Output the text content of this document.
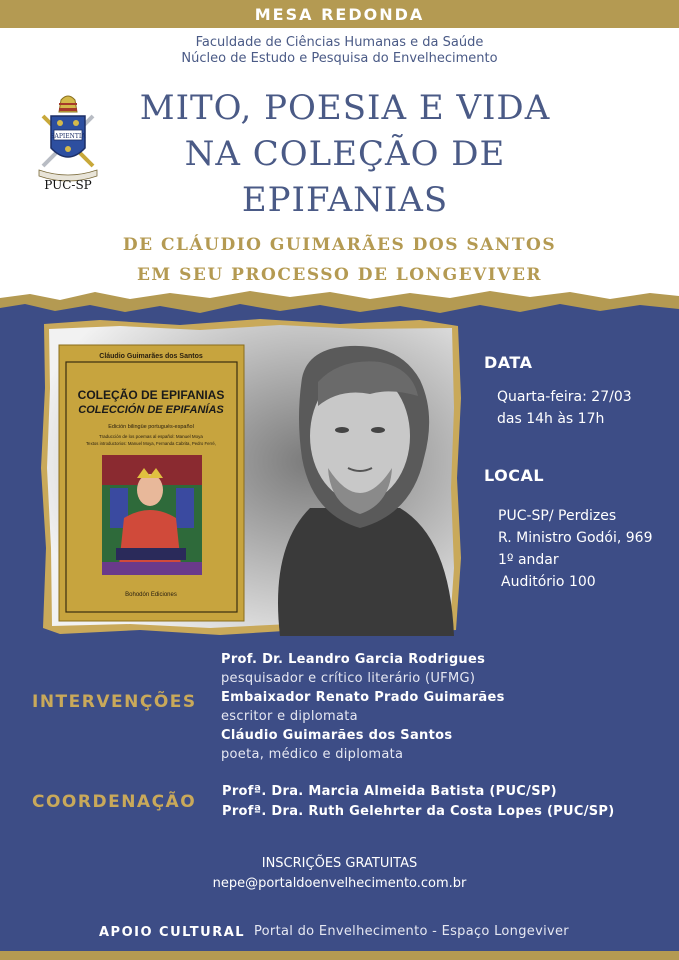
MESA REDONDA
Faculdade de Ciências Humanas e da Saúde
Núcleo de Estudo e Pesquisa do Envelhecimento
SAPIENTIA
PUC-SP
MITO, POESIA E VIDA
NA COLEÇÃO DE
EPIFANIAS
DE CLÁUDIO GUIMARÃES DOS SANTOS
EM SEU PROCESSO DE LONGEVIVER
Cláudio Guimarães dos Santos
COLEÇÃO DE EPIFANIAS
COLECCIÓN DE EPIFANÍAS
Edición bilingüe portugués-español
Traducción de los poemas al español: Manuel Moya
Textos introductorios: Manuel Moya, Fernanda Cabrita, Pedro Ferré,
Bohodón Ediciones
DATA
Quarta-feira: 27/03
das 14h às 17h
LOCAL
PUC-SP/ Perdizes
R. Ministro Godói, 969
1º andar
Auditório 100
INTERVENÇÕES
Prof. Dr. Leandro Garcia Rodrigues
pesquisador e crítico literário (UFMG)
Embaixador Renato Prado Guimarães
escritor e diplomata
Cláudio Guimarães dos Santos
poeta, médico e diplomata
COORDENAÇÃO
Profª. Dra. Marcia Almeida Batista (PUC/SP)
Profª. Dra. Ruth Gelehrter da Costa Lopes (PUC/SP)
INSCRIÇÕES GRATUITAS
nepe@portaldoenvelhecimento.com.br
APOIO CULTURAL Portal do Envelhecimento - Espaço Longeviver
